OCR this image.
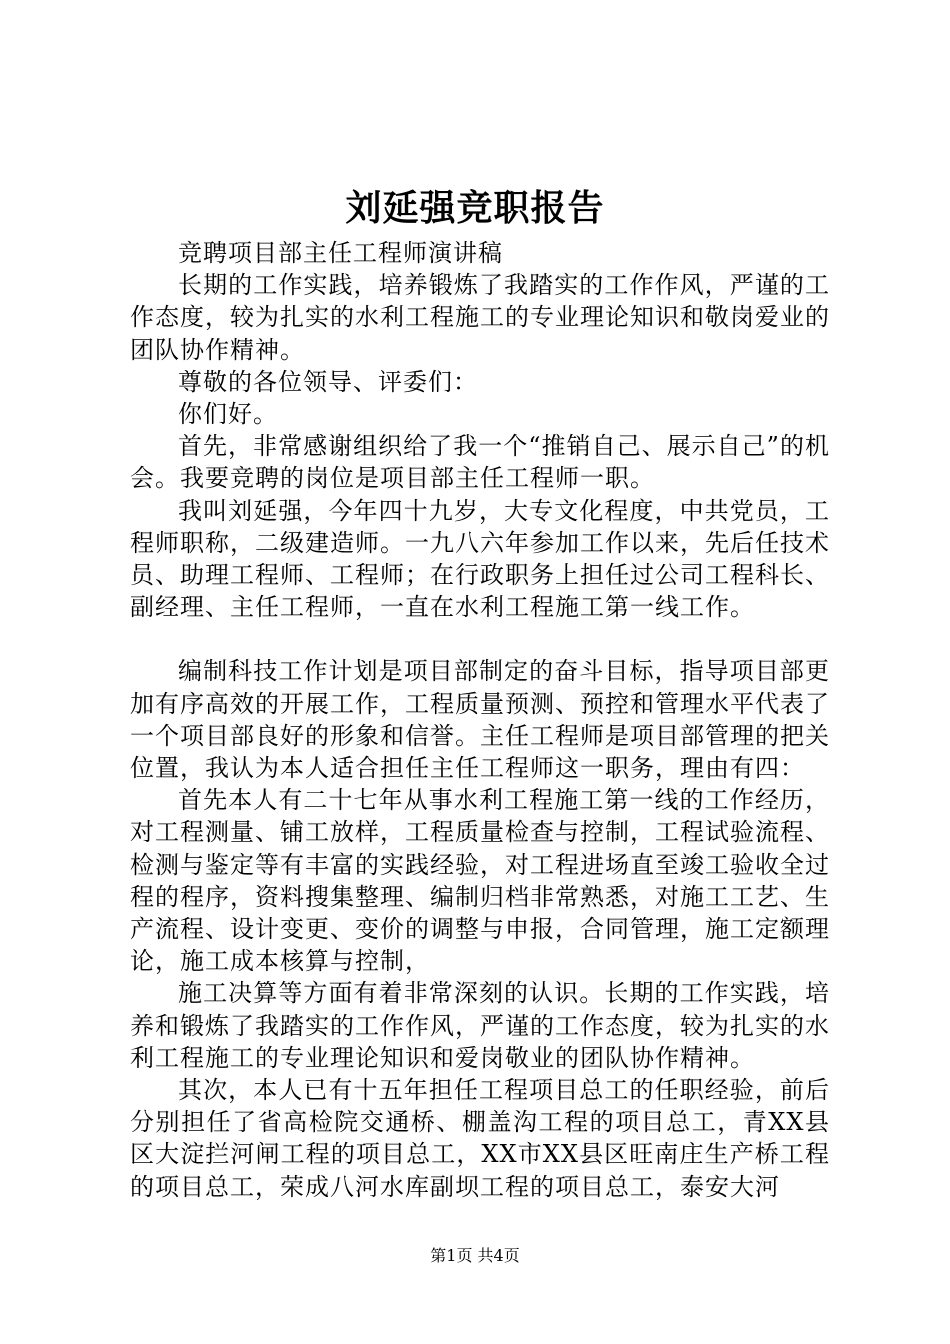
刘延强竞职报告

竞聘项目部主任工程师演讲稿

长期的工作实践，培养锻炼了我踏实的工作作风，严谨的工作态度，较为扎实的水利工程施工的专业理论知识和敬岗爱业的团队协作精神。

尊敬的各位领导、评委们：

你们好。

首先，非常感谢组织给了我一个“推销自己、展示自己”的机会。我要竞聘的岗位是项目部主任工程师一职。

我叫刘延强，今年四十九岁，大专文化程度，中共党员，工程师职称，二级建造师。一九八六年参加工作以来，先后任技术员、助理工程师、工程师；在行政职务上担任过公司工程科长、副经理、主任工程师，一直在水利工程施工第一线工作。

编制科技工作计划是项目部制定的奋斗目标，指导项目部更加有序高效的开展工作，工程质量预测、预控和管理水平代表了一个项目部良好的形象和信誉。主任工程师是项目部管理的把关位置，我认为本人适合担任主任工程师这一职务，理由有四：

首先本人有二十七年从事水利工程施工第一线的工作经历，对工程测量、铺工放样，工程质量检查与控制，工程试验流程、检测与鉴定等有丰富的实践经验，对工程进场直至竣工验收全过程的程序，资料搜集整理、编制归档非常熟悉，对施工工艺、生产流程、设计变更、变价的调整与申报，合同管理，施工定额理论，施工成本核算与控制，

施工决算等方面有着非常深刻的认识。长期的工作实践，培养和锻炼了我踏实的工作作风，严谨的工作态度，较为扎实的水利工程施工的专业理论知识和爱岗敬业的团队协作精神。

其次，本人已有十五年担任工程项目总工的任职经验，前后分别担任了省高检院交通桥、棚盖沟工程的项目总工，青XX县区大淀拦河闸工程的项目总工，XX市XX县区旺南庄生产桥工程的项目总工，荣成八河水库副坝工程的项目总工，泰安大河

第1页 共4页
